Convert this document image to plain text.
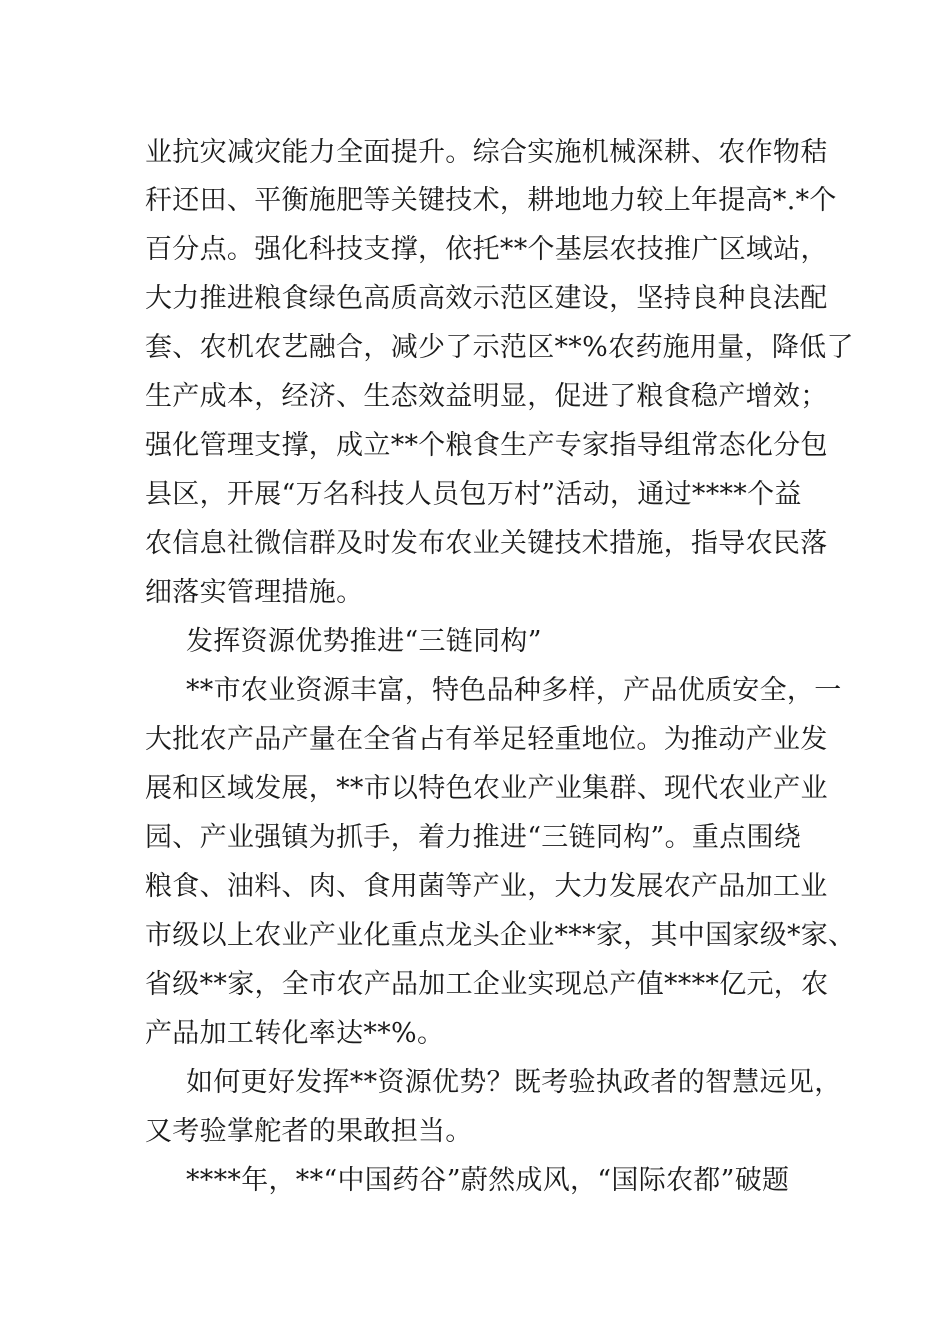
业抗灾减灾能力全面提升。综合实施机械深耕、农作物秸
秆还田、平衡施肥等关键技术，耕地地力较上年提高*.*个
百分点。强化科技支撑，依托**个基层农技推广区域站，
大力推进粮食绿色高质高效示范区建设，坚持良种良法配
套、农机农艺融合，减少了示范区**%农药施用量，降低了
生产成本，经济、生态效益明显，促进了粮食稳产增效；
强化管理支撑，成立**个粮食生产专家指导组常态化分包
县区，开展“万名科技人员包万村”活动，通过****个益
农信息社微信群及时发布农业关键技术措施，指导农民落
细落实管理措施。
发挥资源优势推进“三链同构”
**市农业资源丰富，特色品种多样，产品优质安全，一
大批农产品产量在全省占有举足轻重地位。为推动产业发
展和区域发展，**市以特色农业产业集群、现代农业产业
园、产业强镇为抓手，着力推进“三链同构”。重点围绕
粮食、油料、肉、食用菌等产业，大力发展农产品加工业
市级以上农业产业化重点龙头企业***家，其中国家级*家、
省级**家，全市农产品加工企业实现总产值****亿元，农
产品加工转化率达**%。
如何更好发挥**资源优势？既考验执政者的智慧远见，
又考验掌舵者的果敢担当。
****年，**“中国药谷”蔚然成风，“国际农都”破题
